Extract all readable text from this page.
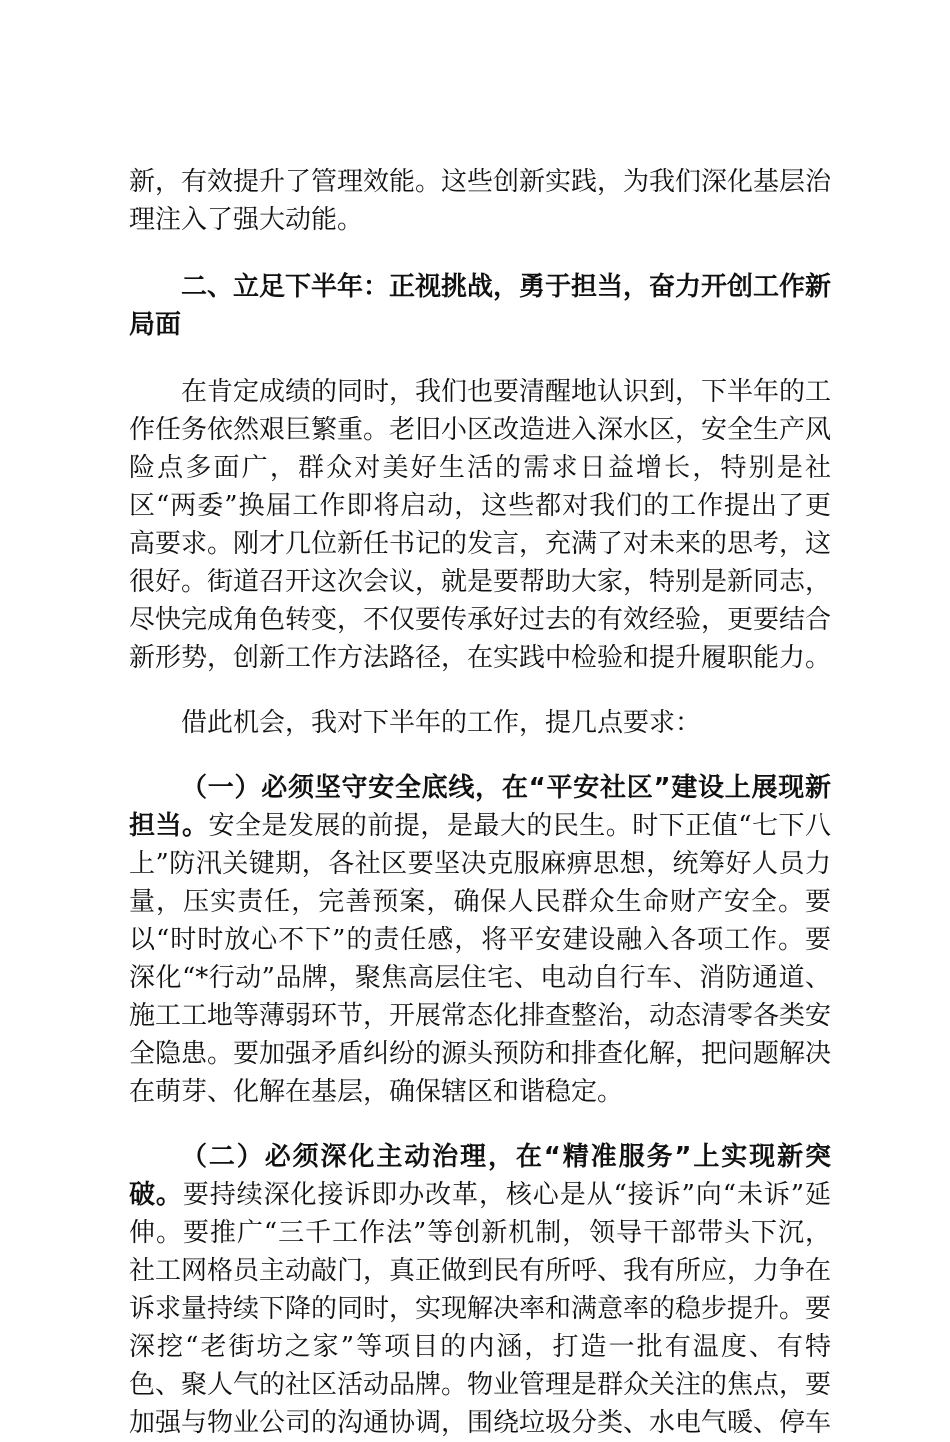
新，有效提升了管理效能。这些创新实践，为我们深化基层治理注入了强大动能。

二、立足下半年：正视挑战，勇于担当，奋力开创工作新局面

在肯定成绩的同时，我们也要清醒地认识到，下半年的工作任务依然艰巨繁重。老旧小区改造进入深水区，安全生产风险点多面广，群众对美好生活的需求日益增长，特别是社区“两委”换届工作即将启动，这些都对我们的工作提出了更高要求。刚才几位新任书记的发言，充满了对未来的思考，这很好。街道召开这次会议，就是要帮助大家，特别是新同志，尽快完成角色转变，不仅要传承好过去的有效经验，更要结合新形势，创新工作方法路径，在实践中检验和提升履职能力。

借此机会，我对下半年的工作，提几点要求：

（一）必须坚守安全底线，在“平安社区”建设上展现新担当。安全是发展的前提，是最大的民生。时下正值“七下八上”防汛关键期，各社区要坚决克服麻痹思想，统筹好人员力量，压实责任，完善预案，确保人民群众生命财产安全。要以“时时放心不下”的责任感，将平安建设融入各项工作。要深化“*行动”品牌，聚焦高层住宅、电动自行车、消防通道、施工工地等薄弱环节，开展常态化排查整治，动态清零各类安全隐患。要加强矛盾纠纷的源头预防和排查化解，把问题解决在萌芽、化解在基层，确保辖区和谐稳定。

（二）必须深化主动治理，在“精准服务”上实现新突破。要持续深化接诉即办改革，核心是从“接诉”向“未诉”延伸。要推广“三千工作法”等创新机制，领导干部带头下沉，社工网格员主动敲门，真正做到民有所呼、我有所应，力争在诉求量持续下降的同时，实现解决率和满意率的稳步提升。要深挖“老街坊之家”等项目的内涵，打造一批有温度、有特色、聚人气的社区活动品牌。物业管理是群众关注的焦点，要加强与物业公司的沟通协调，围绕垃圾分类、水电气暖、停车
